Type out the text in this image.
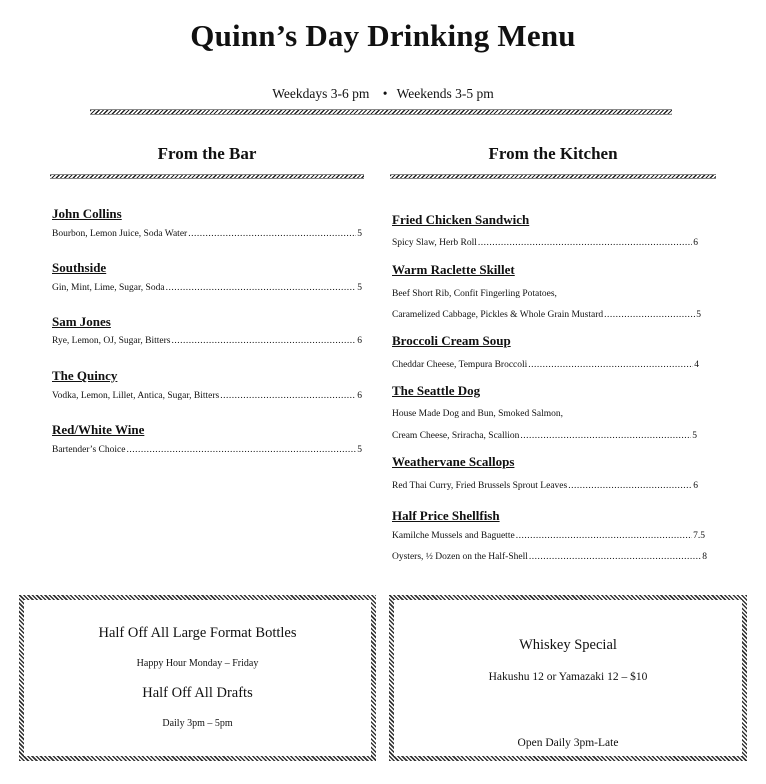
Quinn’s Day Drinking Menu
Weekdays 3-6 pm • Weekends 3-5 pm
From the Bar
John Collins
Bourbon, Lemon Juice, Soda Water .....	5
Southside
Gin, Mint, Lime, Sugar, Soda .....	5
Sam Jones
Rye, Lemon, OJ, Sugar, Bitters .....	6
The Quincy
Vodka, Lemon, Lillet, Antica, Sugar, Bitters .....	6
Red/White Wine
Bartender’s Choice .....	5
From the Kitchen
Fried Chicken Sandwich
Spicy Slaw, Herb Roll .....	6
Warm Raclette Skillet
Beef Short Rib, Confit Fingerling Potatoes,
Caramelized Cabbage, Pickles & Whole Grain Mustard .....	5
Broccoli Cream Soup
Cheddar Cheese, Tempura Broccoli .....	4
The Seattle Dog
House Made Dog and Bun, Smoked Salmon,
Cream Cheese, Sriracha, Scallion .....	5
Weathervane Scallops
Red Thai Curry, Fried Brussels Sprout Leaves .....	6
Half Price Shellfish
Kamilche Mussels and Baguette .....	7.5
Oysters, ½ Dozen on the Half-Shell .....	8
Half Off All Large Format Bottles
Happy Hour Monday – Friday
Half Off All Drafts
Daily 3pm – 5pm
Whiskey Special
Hakushu 12 or Yamazaki 12 – $10
Open Daily 3pm-Late
